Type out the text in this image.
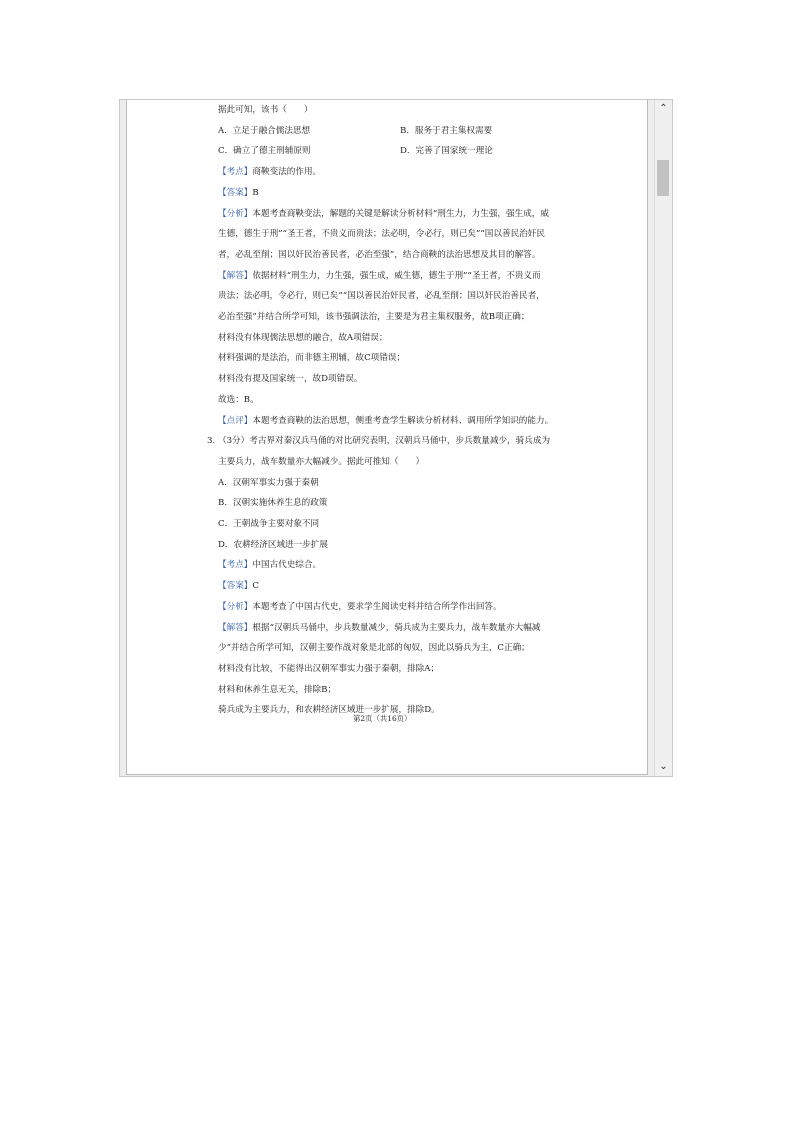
据此可知，该书（　　）
A．立足于融合儒法思想	B．服务于君主集权需要
C．确立了德主刑辅原则	D．完善了国家统一理论
【考点】商鞅变法的作用。
【答案】B
【分析】本题考查商鞅变法，解题的关键是解读分析材料“刑生力，力生强，强生成，威
生德，德生于刑”“圣王者，不贵义而贵法；法必明，令必行，则已矣”“国以善民治奸民
者，必乱至削；国以奸民治善民者，必治至强”，结合商鞅的法治思想及其目的解答。
【解答】依据材料“刑生力，力生强，强生成，威生德，德生于刑”“圣王者，不贵义而
贵法；法必明，令必行，则已矣”“国以善民治奸民者，必乱至削；国以奸民治善民者，
必治至强”并结合所学可知，该书强调法治，主要是为君主集权服务，故B项正确；
材料没有体现儒法思想的融合，故A项错误；
材料强调的是法治，而非德主刑辅，故C项错误；
材料没有提及国家统一，故D项错误。
故选：B。
【点评】本题考查商鞅的法治思想，侧重考查学生解读分析材料、调用所学知识的能力。
3. （3分）考古界对秦汉兵马俑的对比研究表明，汉朝兵马俑中，步兵数量减少，骑兵成为
主要兵力，战车数量亦大幅减少。据此可推知（　　）
A．汉朝军事实力强于秦朝
B．汉朝实施休养生息的政策
C．王朝战争主要对象不同
D．农耕经济区域进一步扩展
【考点】中国古代史综合。
【答案】C
【分析】本题考查了中国古代史，要求学生阅读史料并结合所学作出回答。
【解答】根据“汉朝兵马俑中，步兵数量减少，骑兵成为主要兵力，战车数量亦大幅减
少”并结合所学可知，汉朝主要作战对象是北部的匈奴，因此以骑兵为主，C正确；
材料没有比较，不能得出汉朝军事实力强于秦朝，排除A；
材料和休养生息无关，排除B；
骑兵成为主要兵力，和农耕经济区域进一步扩展，排除D。
第2页（共16页）
⌃
⌄
